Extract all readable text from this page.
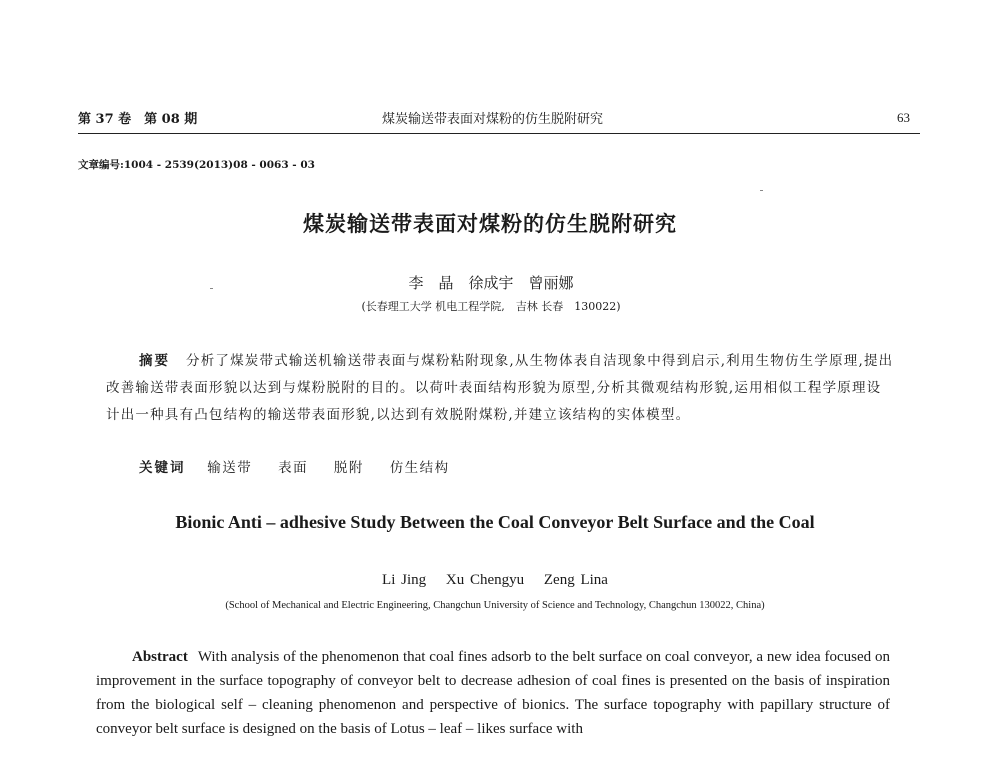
第 37 卷　第 08 期	煤炭输送带表面对煤粉的仿生脱附研究	63
文章编号:1004 - 2539(2013)08 - 0063 - 03
煤炭输送带表面对煤粉的仿生脱附研究
李　晶　徐成宇　曾丽娜
(长春理工大学 机电工程学院,　吉林 长春　130022)
摘要 分析了煤炭带式输送机输送带表面与煤粉粘附现象,从生物体表自洁现象中得到启示,利用生物仿生学原理,提出改善输送带表面形貌以达到与煤粉脱附的目的。以荷叶表面结构形貌为原型,分析其微观结构形貌,运用相似工程学原理设计出一种具有凸包结构的输送带表面形貌,以达到有效脱附煤粉,并建立该结构的实体模型。
关键词 输送带 表面 脱附 仿生结构
Bionic Anti – adhesive Study Between the Coal Conveyor Belt Surface and the Coal
Li Jing Xu Chengyu Zeng Lina
(School of Mechanical and Electric Engineering, Changchun University of Science and Technology, Changchun 130022, China)
Abstract With analysis of the phenomenon that coal fines adsorb to the belt surface on coal conveyor, a new idea focused on improvement in the surface topography of conveyor belt to decrease adhesion of coal fines is presented on the basis of inspiration from the biological self – cleaning phenomenon and perspective of bionics. The surface topography with papillary structure of conveyor belt surface is designed on the basis of Lotus – leaf – likes surface with
